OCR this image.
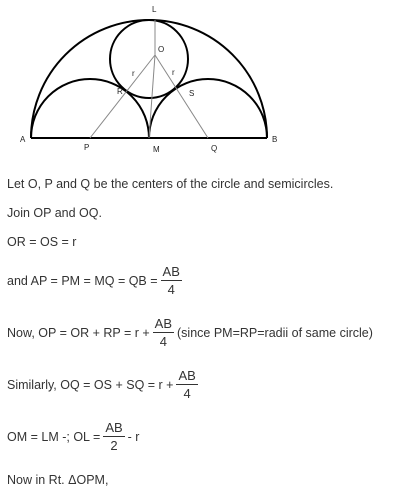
L
O
r	r
R	S
A
P	M	Q
B
Let O, P and Q be the centers of the circle and semicircles.
Join OP and OQ.
OR = OS = r
and AP = PM = MQ = QB = $\frac{AB}{4}$
Now, OP = OR + RP = $r + \frac{AB}{4}$ (since PM=RP=radii of same circle)
Similarly, OQ = OS + SQ = $r + \frac{AB}{4}$
OM = LM -; OL = $\frac{AB}{2}$ - r
Now in Rt. ΔOPM,
